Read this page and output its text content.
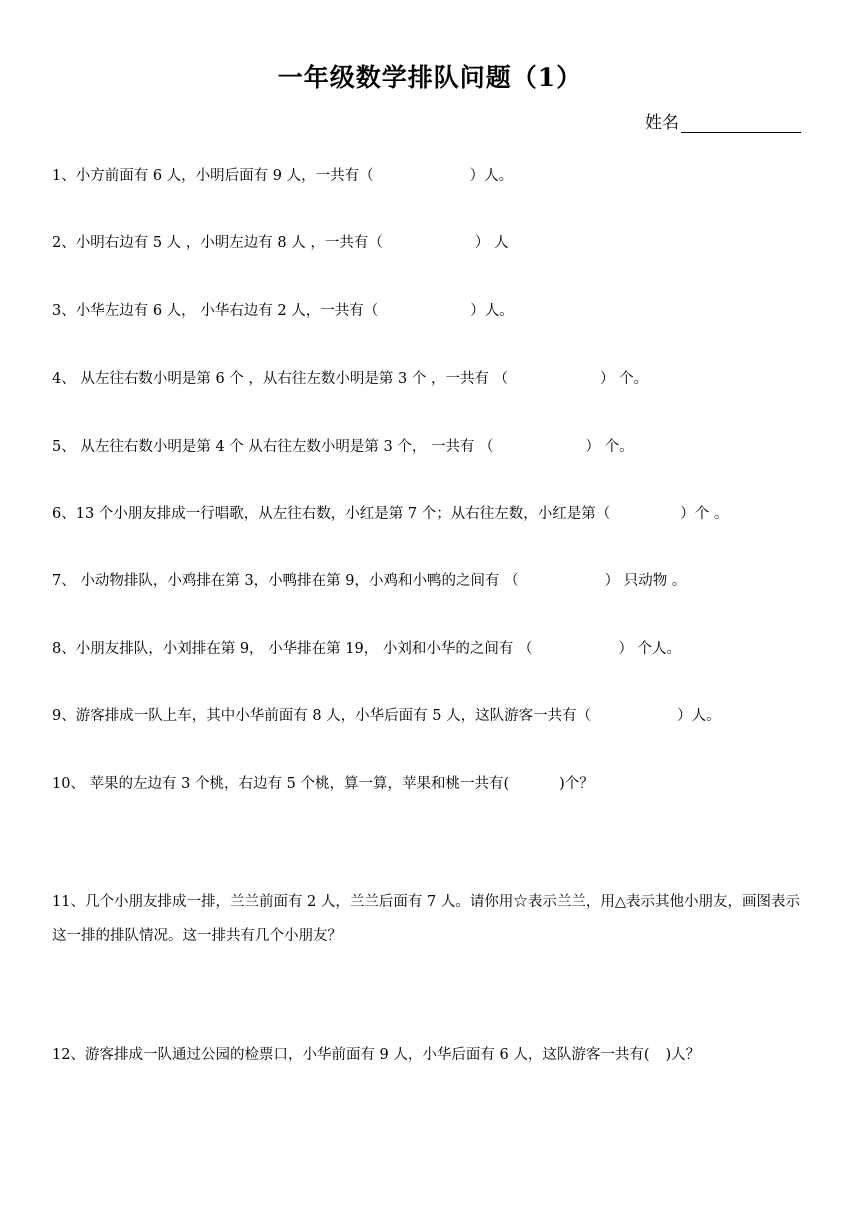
一年级数学排队问题（1）
姓名
1、小方前面有 6 人，小明后面有 9 人，一共有（	）人。
2、小明右边有 5 人 ，小明左边有 8 人 ，一共有（	） 人
3、小华左边有 6 人， 小华右边有 2 人，一共有（	）人。
4、 从左往右数小明是第 6 个 ，从右往左数小明是第 3 个 ，一共有 （	） 个。
5、 从左往右数小明是第 4 个 从右往左数小明是第 3 个， 一共有 （	） 个。
6、13 个小朋友排成一行唱歌，从左往右数，小红是第 7 个；从右往左数，小红是第（	）个 。
7、 小动物排队，小鸡排在第 3，小鸭排在第 9，小鸡和小鸭的之间有 （	） 只动物 。
8、小朋友排队，小刘排在第 9， 小华排在第 19， 小刘和小华的之间有 （	） 个人。
9、游客排成一队上车，其中小华前面有 8 人，小华后面有 5 人，这队游客一共有（	）人。
10、 苹果的左边有 3 个桃，右边有 5 个桃，算一算，苹果和桃一共有(	)个？
11、几个小朋友排成一排，兰兰前面有 2 人，兰兰后面有 7 人。请你用☆表示兰兰，用△表示其他小朋友，画图表示这一排的排队情况。这一排共有几个小朋友？
12、游客排成一队通过公园的检票口，小华前面有 9 人，小华后面有 6 人，这队游客一共有( )人？
